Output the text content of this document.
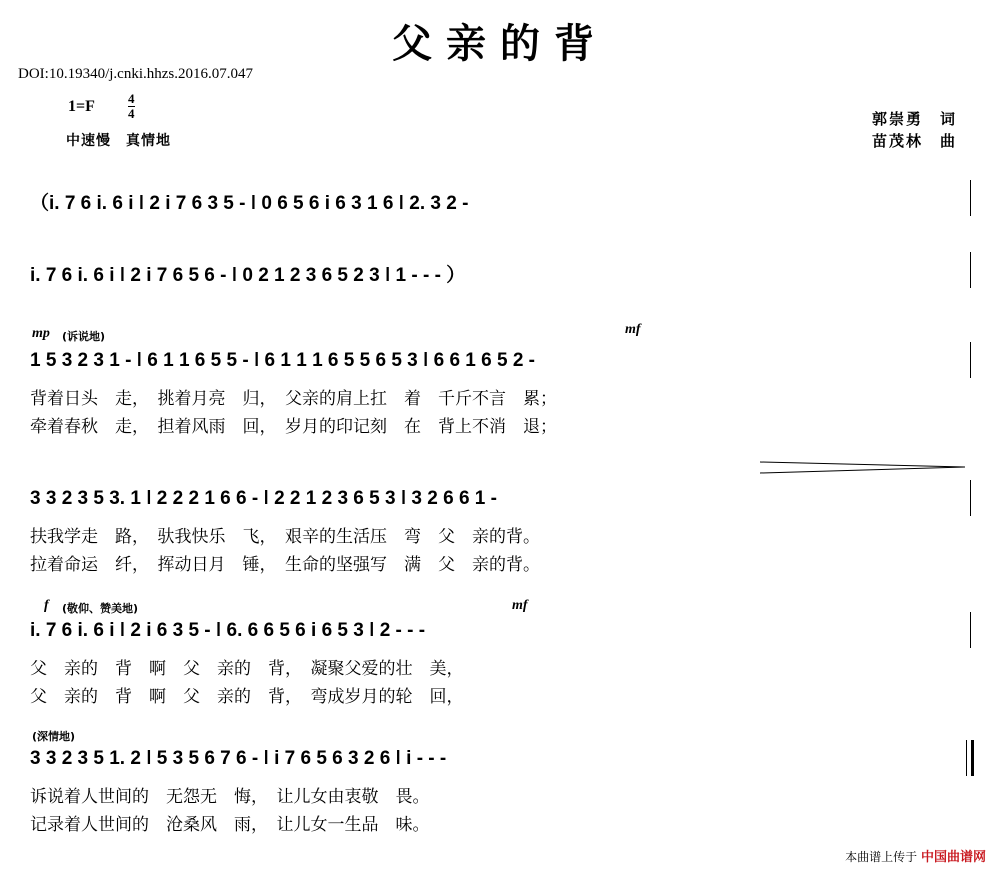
父亲的背
DOI:10.19340/j.cnki.hhzs.2016.07.047
1=F	4
4
中速慢　真情地
郭崇勇　词
苗茂林　曲
（i. 7 6 i. 6 i ǀ 2 i 7 6 3 5 - ǀ 0 6 5 6 i 6 3 1 6 ǀ 2. 3 2 -
i. 7 6 i. 6 i ǀ 2 i 7 6 5 6 - ǀ 0 2 1 2 3 6 5 2 3 ǀ 1 - - - ）
mp (诉说地)	mf
1 5 3 2 3 1 - ǀ 6 1 1 6 5 5 - ǀ 6 1 1 1 6 5 5 6 5 3 ǀ 6 6 1 6 5 2 -
背着日头　走，　挑着月亮　归，　父亲的肩上扛　着　千斤不言　累；
牵着春秋　走，　担着风雨　回，　岁月的印记刻　在　背上不消　退；
3 3 2 3 5 3. 1 ǀ 2 2 2 1 6 6 - ǀ 2 2 1 2 3 6 5 3 ǀ 3 2 6 6 1 -
扶我学走　路，　驮我快乐　飞，　艰辛的生活压　弯　父　亲的背。
拉着命运　纤，　挥动日月　锤，　生命的坚强写　满　父　亲的背。
f (敬仰、赞美地)	mf
i. 7 6 i. 6 i ǀ 2 i 6 3 5 - ǀ 6. 6 6 5 6 i 6 5 3 ǀ 2 - - -
父　亲的　背　啊　父　亲的　背，　凝聚父爱的壮　美，
父　亲的　背　啊　父　亲的　背，　弯成岁月的轮　回，
(深情地)
3 3 2 3 5 1. 2 ǀ 5 3 5 6 7 6 - ǀ i 7 6 5 6 3 2 6 ǀ i - - -
诉说着人世间的　无怨无　悔，　让儿女由衷敬　畏。
记录着人世间的　沧桑风　雨，　让儿女一生品　味。
本曲谱上传于 中国曲谱网
